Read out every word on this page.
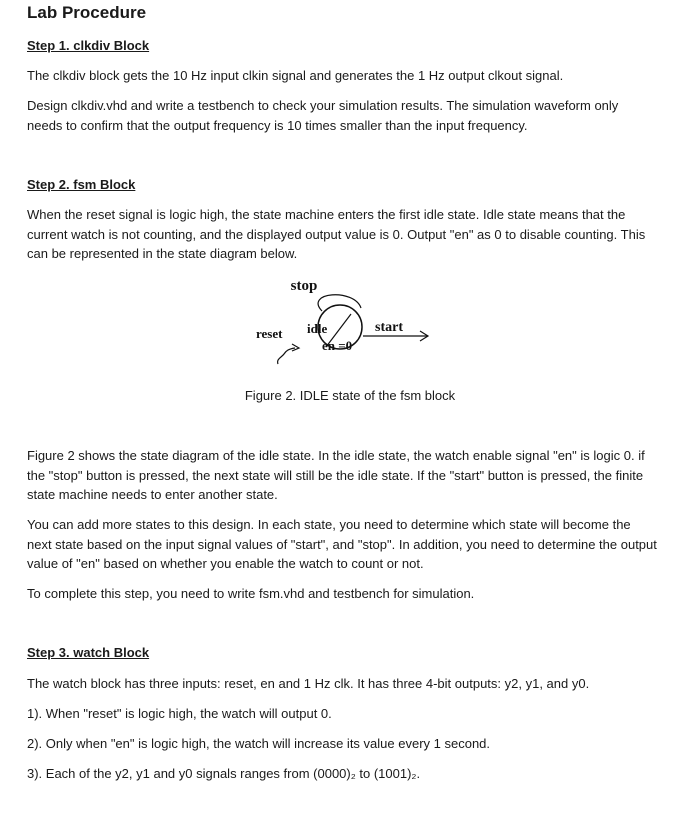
Lab Procedure
Step 1. clkdiv Block

The clkdiv block gets the 10 Hz input clkin signal and generates the 1 Hz output clkout signal.

Design clkdiv.vhd and write a testbench to check your simulation results. The simulation waveform only needs to confirm that the output frequency is 10 times smaller than the input frequency.

Step 2. fsm Block

When the reset signal is logic high, the state machine enters the first idle state. Idle state means that the current watch is not counting, and the displayed output value is 0. Output "en" as 0 to disable counting. This can be represented in the state diagram below.

stop
reset idle
en =0
start
Figure 2. IDLE state of the fsm block

Figure 2 shows the state diagram of the idle state. In the idle state, the watch enable signal "en" is logic 0. if the "stop" button is pressed, the next state will still be the idle state. If the "start" button is pressed, the finite state machine needs to enter another state.

You can add more states to this design. In each state, you need to determine which state will become the next state based on the input signal values of "start", and "stop". In addition, you need to determine the output value of "en" based on whether you enable the watch to count or not.

To complete this step, you need to write fsm.vhd and testbench for simulation.

Step 3. watch Block

The watch block has three inputs: reset, en and 1 Hz clk. It has three 4-bit outputs: y2, y1, and y0.

1). When "reset" is logic high, the watch will output 0.

2). Only when "en" is logic high, the watch will increase its value every 1 second.

3). Each of the y2, y1 and y0 signals ranges from (0000)₂ to (1001)₂.
